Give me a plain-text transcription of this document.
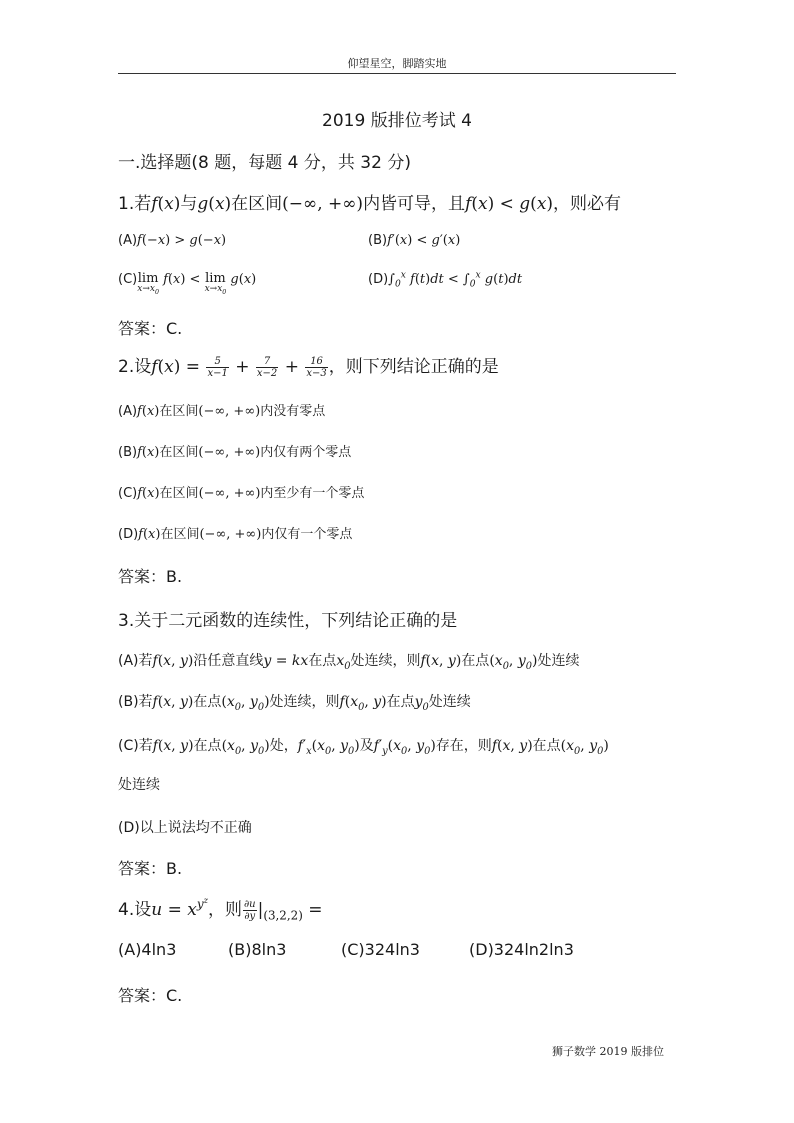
仰望星空，脚踏实地
2019 版排位考试 4
一.选择题(8 题，每题 4 分，共 32 分)
1.若f(x)与g(x)在区间(−∞, +∞)内皆可导，且f(x) < g(x)，则必有
(A)f(−x) > g(−x)	(B)f′(x) < g′(x)
(C)lim
$x\to x_0$
f(x) < lim
$x\to x_0$
g(x)	$(D)\int_0^x$ $f(t)dt < \int_0^x$ g(t)dt
答案：C.
2.设$f(x) = \frac{5}{x-1} + \frac{7}{x-2} + \frac{16}{x-3}$ ，则下列结论正确的是
(A)f(x)在区间(−∞, +∞)内没有零点
(B)f(x)在区间(−∞, +∞)内仅有两个零点
(C)f(x)在区间(−∞, +∞)内至少有一个零点
(D)f(x)在区间(−∞, +∞)内仅有一个零点
答案：B.
3.关于二元函数的连续性，下列结论正确的是
(A)若f(x, y)沿任意直线y = kx在点$x_0$处连续，则f(x, y)在点($x_0$, $y_0$)处连续
(B)若f(x, y)在点($x_0$, $y_0$)处连续，则$f(x_0$, y)在点$y_0$处连续
(C)若f(x, y)在点($x_0$, $y_0$)处，$f'_x(x_0$, $y_0$)及$f'_y(x_0$, $y_0$)存在，则f(x, y)在点($x_0$, $y_0$)
处连续
(D)以上说法均不正确
答案：B.
4.设$u = x^{y^z}$，则 $\frac{\partial u}{\partial y} |_{(3,2,2)}$ =
(A)4ln3	(B)8ln3	(C)324ln3	(D)324ln2ln3
答案：C.
狮子数学 2019 版排位
